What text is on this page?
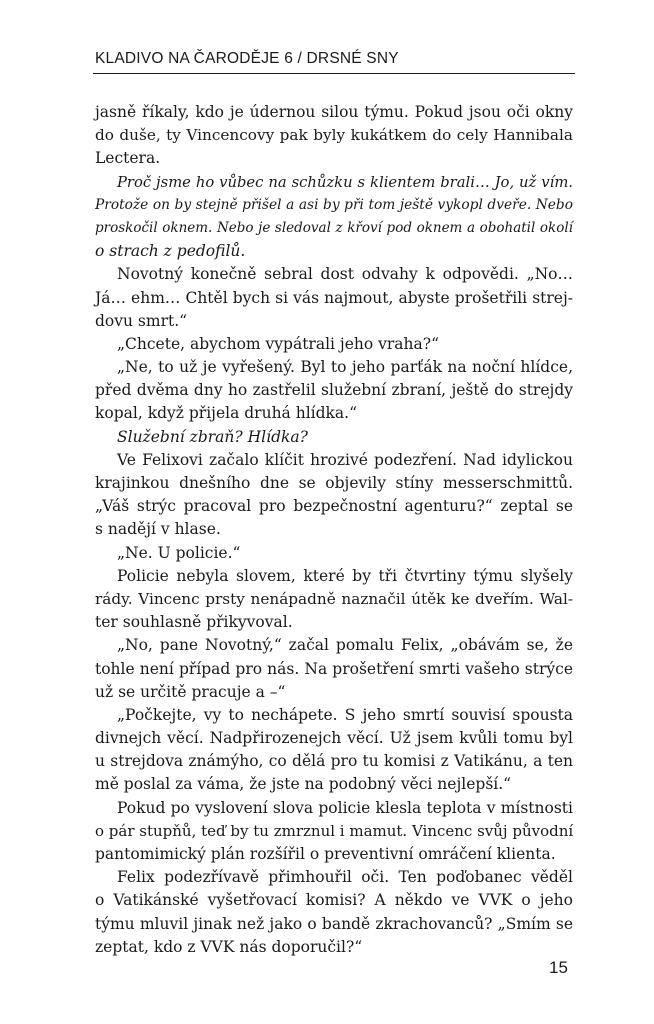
KLADIVO NA ČARODĚJE 6 / DRSNÉ SNY
jasně říkaly, kdo je údernou silou týmu. Pokud jsou oči okny
do duše, ty Vincencovy pak byly kukátkem do cely Hannibala
Lectera.
Proč jsme ho vůbec na schůzku s klientem brali… Jo, už vím.
Protože on by stejně přišel a asi by při tom ještě vykopl dveře. Nebo
proskočil oknem. Nebo je sledoval z křoví pod oknem a obohatil okolí
o strach z pedofilů.
Novotný konečně sebral dost odvahy k odpovědi. „No…
Já… ehm… Chtěl bych si vás najmout, abyste prošetřili strej-
dovu smrt.“
„Chcete, abychom vypátrali jeho vraha?“
„Ne, to už je vyřešený. Byl to jeho parťák na noční hlídce,
před dvěma dny ho zastřelil služební zbraní, ještě do strejdy
kopal, když přijela druhá hlídka.“
Služební zbraň? Hlídka?
Ve Felixovi začalo klíčit hrozivé podezření. Nad idylickou
krajinkou dnešního dne se objevily stíny messerschmittů.
„Váš strýc pracoval pro bezpečnostní agenturu?“ zeptal se
s nadějí v hlase.
„Ne. U policie.“
Policie nebyla slovem, které by tři čtvrtiny týmu slyšely
rády. Vincenc prsty nenápadně naznačil útěk ke dveřím. Wal-
ter souhlasně přikyvoval.
„No, pane Novotný,“ začal pomalu Felix, „obávám se, že
tohle není případ pro nás. Na prošetření smrti vašeho strýce
už se určitě pracuje a –“
„Počkejte, vy to nechápete. S jeho smrtí souvisí spousta
divnejch věcí. Nadpřirozenejch věcí. Už jsem kvůli tomu byl
u strejdova známýho, co dělá pro tu komisi z Vatikánu, a ten
mě poslal za váma, že jste na podobný věci nejlepší.“
Pokud po vyslovení slova policie klesla teplota v místnosti
o pár stupňů, teď by tu zmrznul i mamut. Vincenc svůj původní
pantomimický plán rozšířil o preventivní omráčení klienta.
Felix podezřívavě přimhouřil oči. Ten poďobanec věděl
o Vatikánské vyšetřovací komisi? A někdo ve VVK o jeho
týmu mluvil jinak než jako o bandě zkrachovanců? „Smím se
zeptat, kdo z VVK nás doporučil?“
15
